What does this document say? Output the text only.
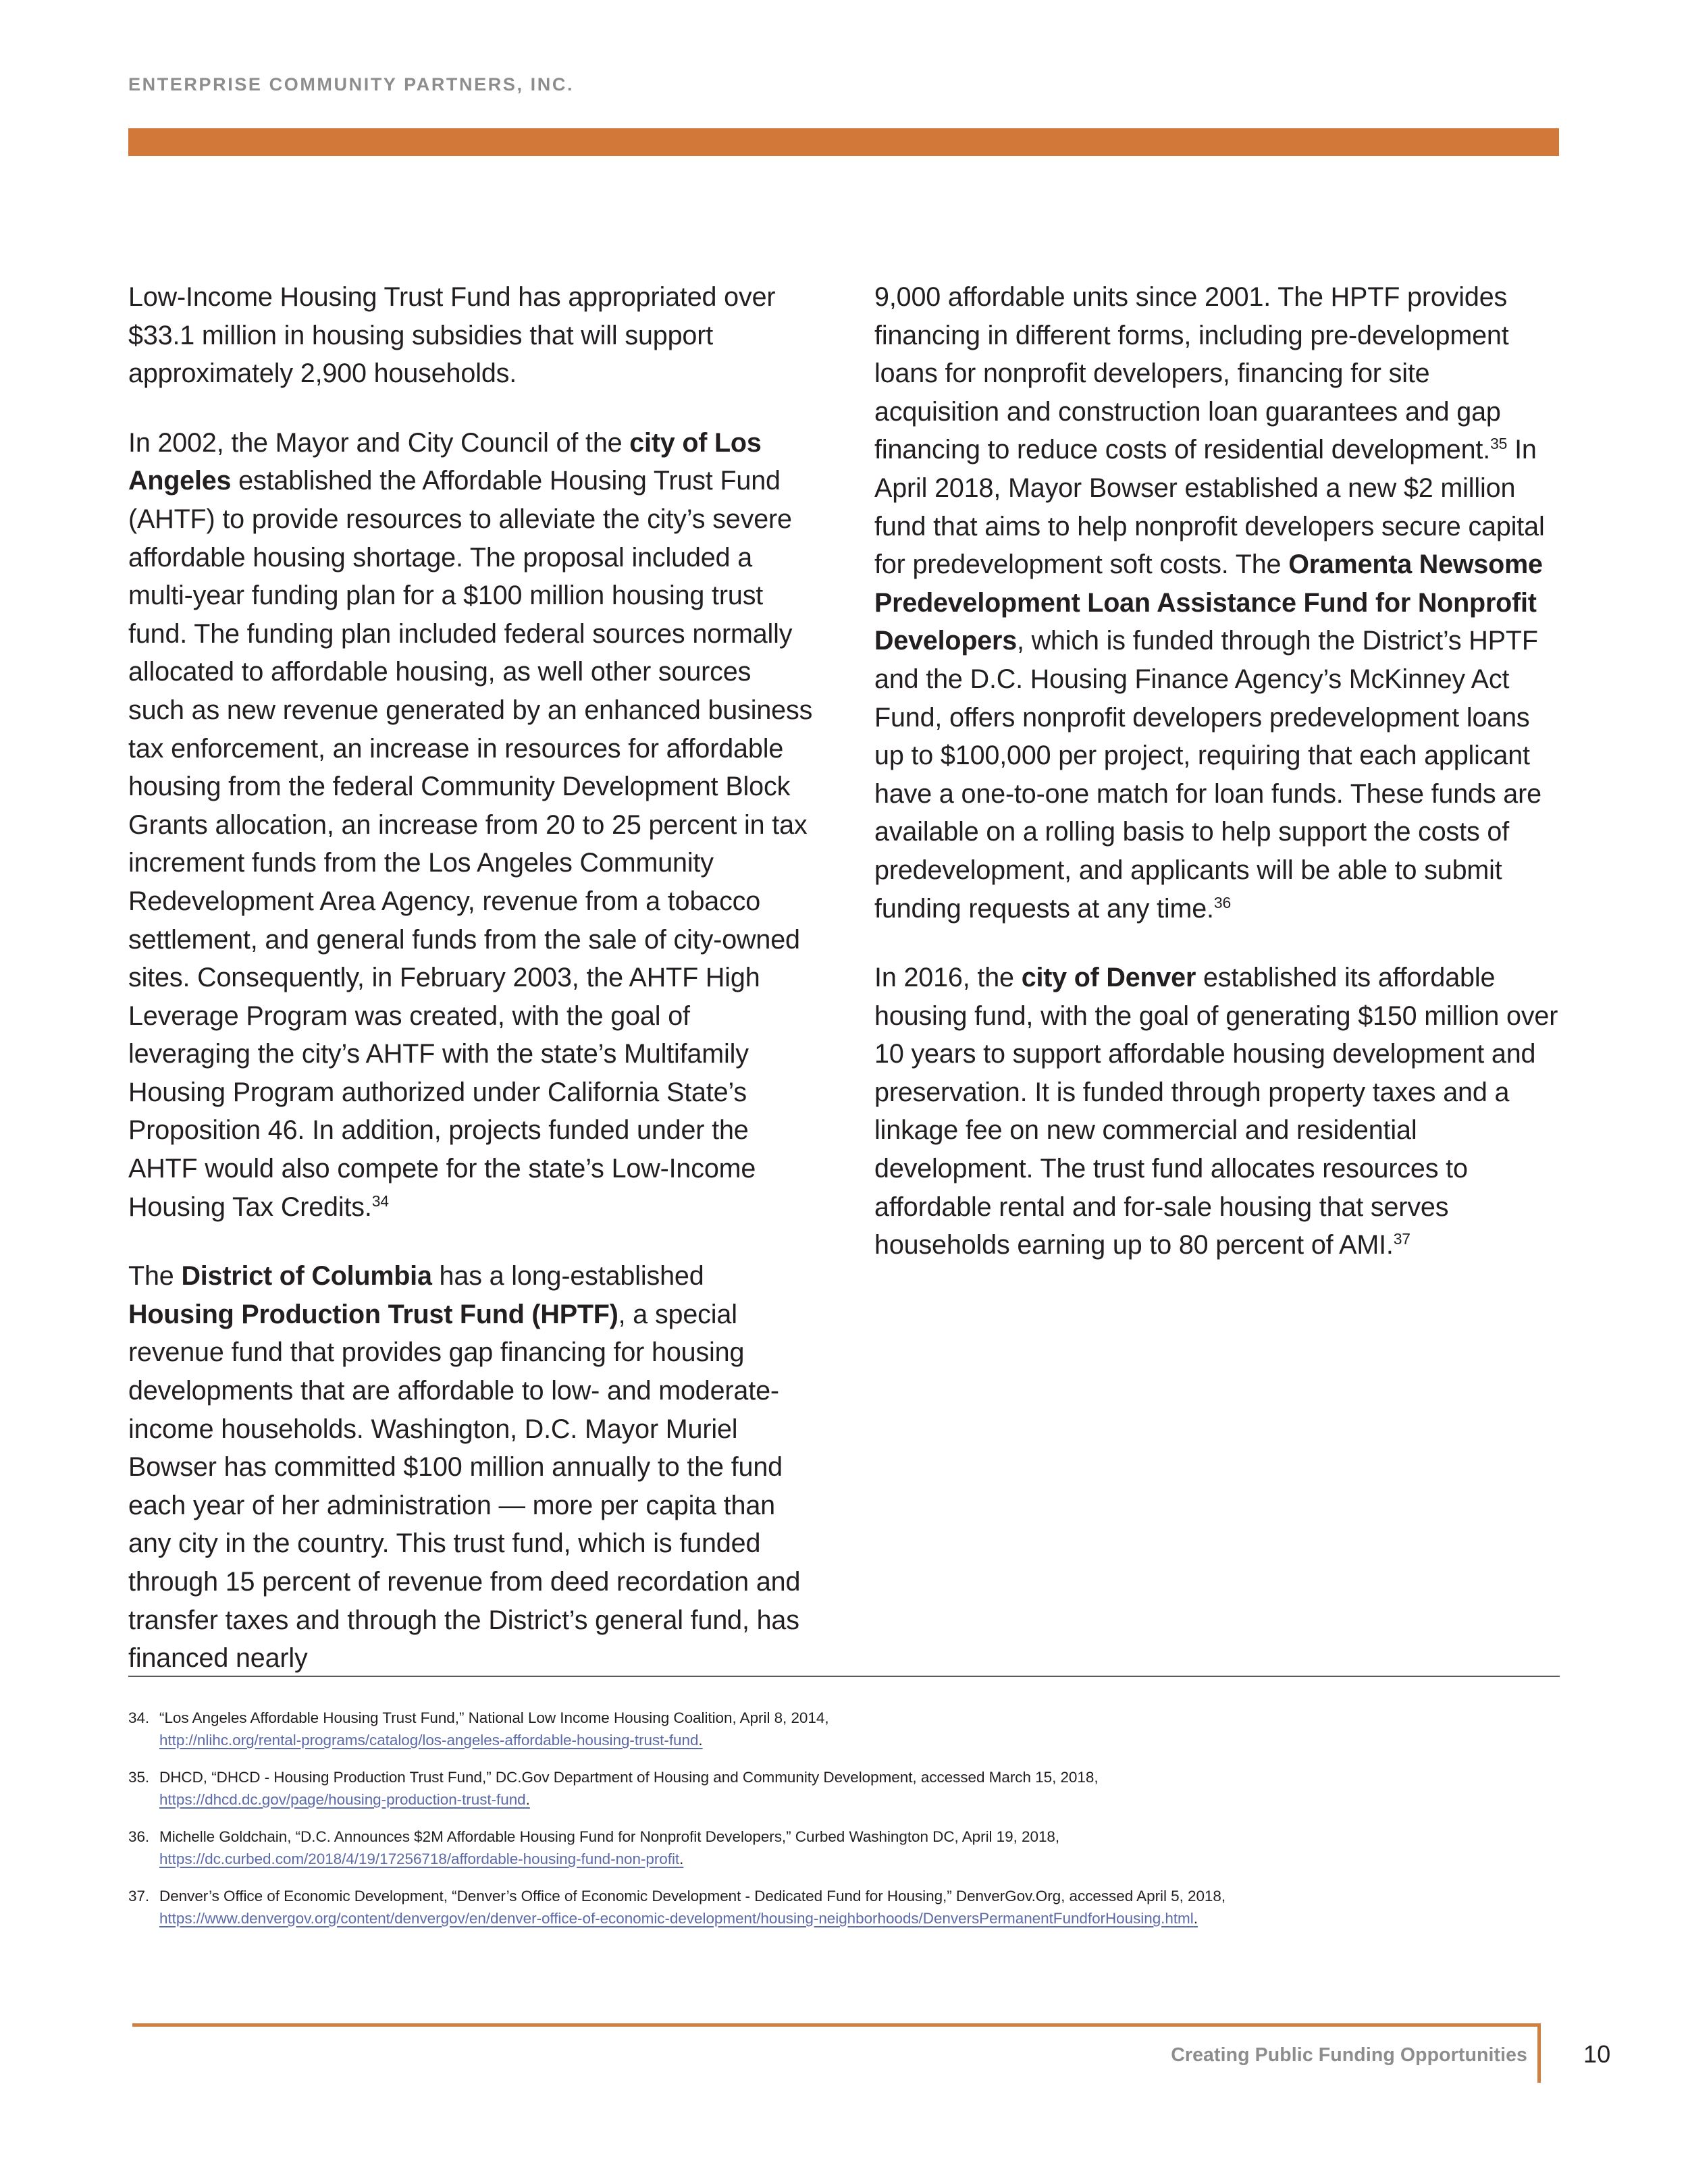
ENTERPRISE COMMUNITY PARTNERS, INC.

Low-Income Housing Trust Fund has appropriated over $33.1 million in housing subsidies that will support approximately 2,900 households.

In 2002, the Mayor and City Council of the city of Los Angeles established the Affordable Housing Trust Fund (AHTF) to provide resources to alleviate the city’s severe affordable housing shortage. The proposal included a multi-year funding plan for a $100 million housing trust fund. The funding plan included federal sources normally allocated to affordable housing, as well other sources such as new revenue generated by an enhanced business tax enforcement, an increase in resources for affordable housing from the federal Community Development Block Grants allocation, an increase from 20 to 25 percent in tax increment funds from the Los Angeles Community Redevelopment Area Agency, revenue from a tobacco settlement, and general funds from the sale of city-owned sites. Consequently, in February 2003, the AHTF High Leverage Program was created, with the goal of leveraging the city’s AHTF with the state’s Multifamily Housing Program authorized under California State’s Proposition 46. In addition, projects funded under the AHTF would also compete for the state’s Low-Income Housing Tax Credits.$^{34}$

The District of Columbia has a long-established Housing Production Trust Fund (HPTF), a special revenue fund that provides gap financing for housing developments that are affordable to low- and moderate-income households. Washington, D.C. Mayor Muriel Bowser has committed $100 million annually to the fund each year of her administration — more per capita than any city in the country. This trust fund, which is funded through 15 percent of revenue from deed recordation and transfer taxes and through the District’s general fund, has financed nearly

9,000 affordable units since 2001. The HPTF provides financing in different forms, including pre-development loans for nonprofit developers, financing for site acquisition and construction loan guarantees and gap financing to reduce costs of residential development.$^{35}$ In April 2018, Mayor Bowser established a new $2 million fund that aims to help nonprofit developers secure capital for predevelopment soft costs. The Oramenta Newsome Predevelopment Loan Assistance Fund for Nonprofit Developers, which is funded through the District’s HPTF and the D.C. Housing Finance Agency’s McKinney Act Fund, offers nonprofit developers predevelopment loans up to $100,000 per project, requiring that each applicant have a one-to-one match for loan funds. These funds are available on a rolling basis to help support the costs of predevelopment, and applicants will be able to submit funding requests at any time.$^{36}$

In 2016, the city of Denver established its affordable housing fund, with the goal of generating $150 million over 10 years to support affordable housing development and preservation. It is funded through property taxes and a linkage fee on new commercial and residential development. The trust fund allocates resources to affordable rental and for-sale housing that serves households earning up to 80 percent of AMI.$^{37}$

34. “Los Angeles Affordable Housing Trust Fund,” National Low Income Housing Coalition, April 8, 2014,
http://nlihc.org/rental-programs/catalog/los-angeles-affordable-housing-trust-fund.
35. DHCD, “DHCD - Housing Production Trust Fund,” DC.Gov Department of Housing and Community Development, accessed March 15, 2018,
https://dhcd.dc.gov/page/housing-production-trust-fund.
36. Michelle Goldchain, “D.C. Announces $2M Affordable Housing Fund for Nonprofit Developers,” Curbed Washington DC, April 19, 2018,
https://dc.curbed.com/2018/4/19/17256718/affordable-housing-fund-non-profit.
37. Denver’s Office of Economic Development, “Denver’s Office of Economic Development - Dedicated Fund for Housing,” DenverGov.Org, accessed April 5, 2018,
https://www.denvergov.org/content/denvergov/en/denver-office-of-economic-development/housing-neighborhoods/DenversPermanentFundforHousing.html.
Creating Public Funding Opportunities 10
